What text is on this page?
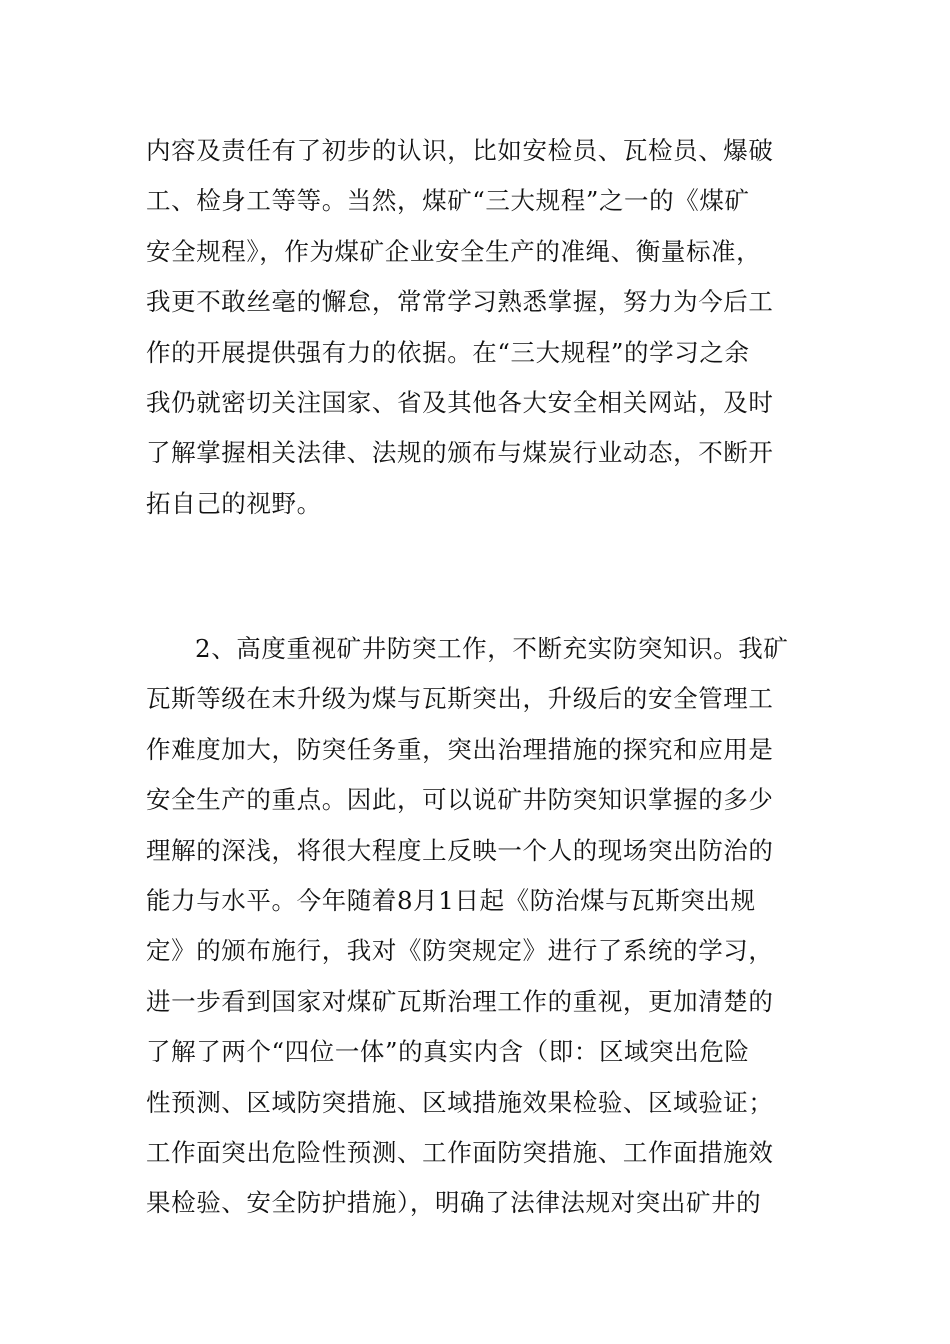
内容及责任有了初步的认识，比如安检员、瓦检员、爆破
工、检身工等等。当然，煤矿“三大规程”之一的《煤矿
安全规程》，作为煤矿企业安全生产的准绳、衡量标准，
我更不敢丝毫的懈怠，常常学习熟悉掌握，努力为今后工
作的开展提供强有力的依据。在“三大规程”的学习之余
我仍就密切关注国家、省及其他各大安全相关网站，及时
了解掌握相关法律、法规的颁布与煤炭行业动态，不断开
拓自己的视野。
2、高度重视矿井防突工作，不断充实防突知识。我矿
瓦斯等级在末升级为煤与瓦斯突出，升级后的安全管理工
作难度加大，防突任务重，突出治理措施的探究和应用是
安全生产的重点。因此，可以说矿井防突知识掌握的多少
理解的深浅，将很大程度上反映一个人的现场突出防治的
能力与水平。今年随着8月1日起《防治煤与瓦斯突出规
定》的颁布施行，我对《防突规定》进行了系统的学习，
进一步看到国家对煤矿瓦斯治理工作的重视，更加清楚的
了解了两个“四位一体”的真实内含（即：区域突出危险
性预测、区域防突措施、区域措施效果检验、区域验证；
工作面突出危险性预测、工作面防突措施、工作面措施效
果检验、安全防护措施），明确了法律法规对突出矿井的
